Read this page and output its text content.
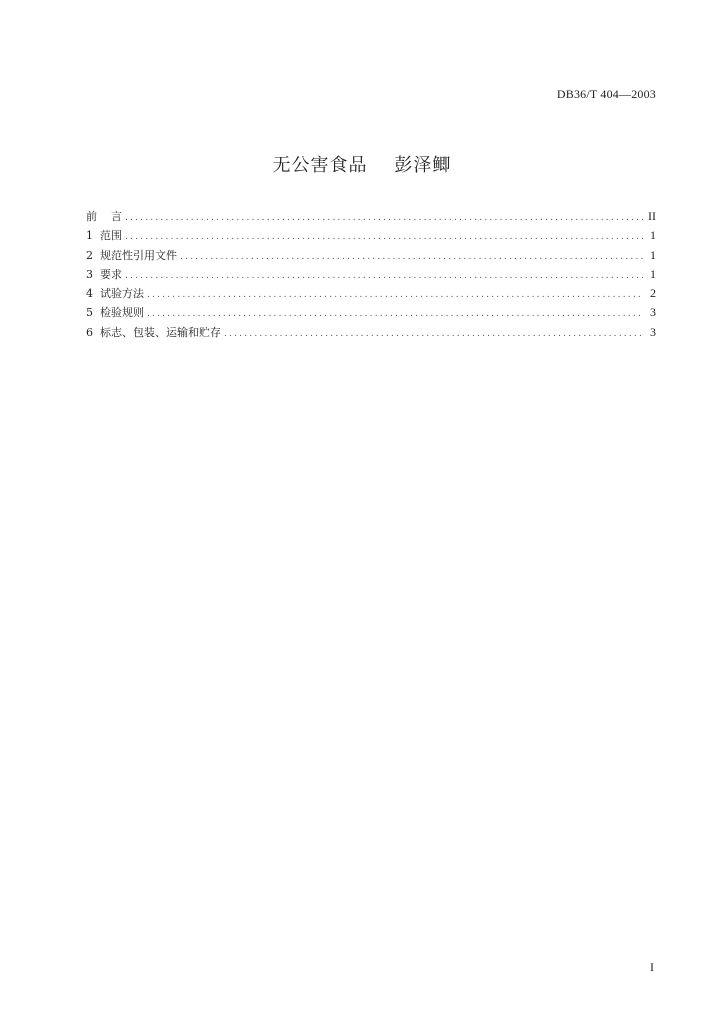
DB36/T 404—2003
无公害食品    彭泽鲫
前    言 .....	II
1  范围 .....	1
2  规范性引用文件 .....	1
3  要求 .....	1
4  试验方法 .....	2
5  检验规则 .....	3
6  标志、包装、运输和贮存 .....	3
I
